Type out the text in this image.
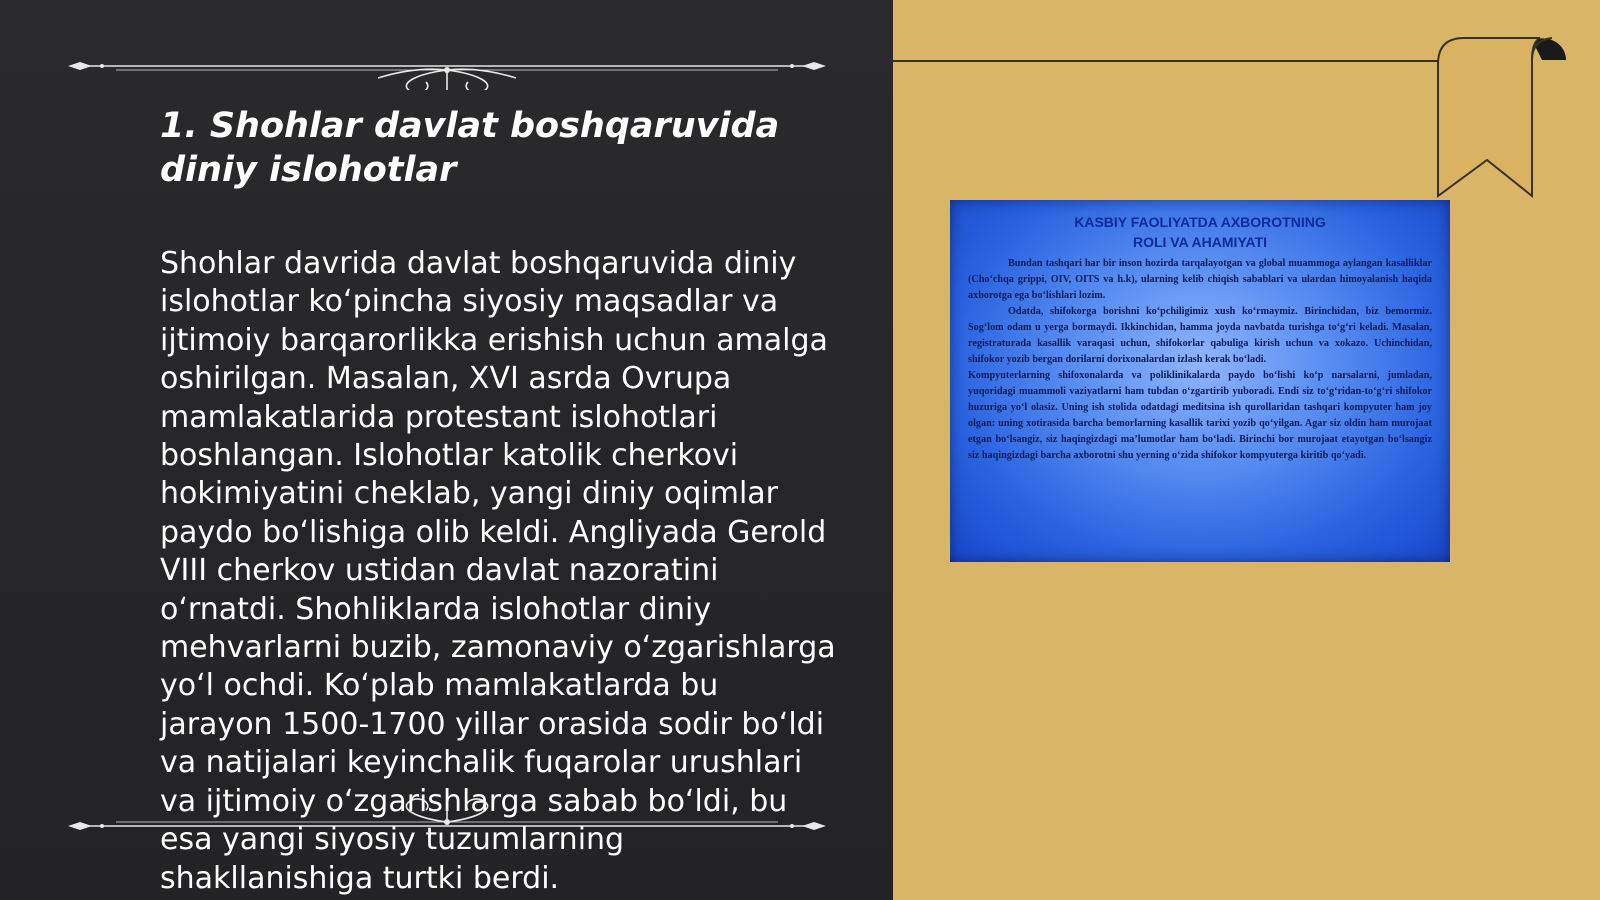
1. Shohlar davlat boshqaruvida diniy islohotlar

Shohlar davrida davlat boshqaruvida diniy islohotlar ko‘pincha siyosiy maqsadlar va ijtimoiy barqarorlikka erishish uchun amalga oshirilgan. Masalan, XVI asrda Ovrupa mamlakatlarida protestant islohotlari boshlangan. Islohotlar katolik cherkovi hokimiyatini cheklab, yangi diniy oqimlar paydo bo‘lishiga olib keldi. Angliyada Gerold VIII cherkov ustidan davlat nazoratini o‘rnatdi. Shohliklarda islohotlar diniy mehvarlarni buzib, zamonaviy o‘zgarishlarga yo‘l ochdi. Ko‘plab mamlakatlarda bu jarayon 1500-1700 yillar orasida sodir bo‘ldi va natijalari keyinchalik fuqarolar urushlari va ijtimoiy o‘zgarishlarga sabab bo‘ldi, bu esa yangi siyosiy tuzumlarning shakllanishiga turtki berdi.

KASBIY FAOLIYATDA AXBOROTNING
ROLI VA AHAMIYATI

Bundan tashqari har bir inson hozirda tarqalayotgan va global muammoga aylangan kasalliklar (Cho‘chqa grippi, OIV, OITS va h.k), ularning kelib chiqish sabablari va ulardan himoyalanish haqida axborotga ega bo‘lishlari lozim.

Odatda, shifokorga borishni ko‘pchiligimiz xush ko‘rmaymiz. Birinchidan, biz bemormiz. Sog‘lom odam u yerga bormaydi. Ikkinchidan, hamma joyda navbatda turishga to‘g‘ri keladi. Masalan, registraturada kasallik varaqasi uchun, shifokorlar qabuliga kirish uchun va xokazo. Uchinchidan, shifokor yozib bergan dorilarni dorixonalardan izlash kerak bo‘ladi.

Kompyuterlarning shifoxonalarda va poliklinikalarda paydo bo‘lishi ko‘p narsalarni, jumladan, yuqoridagi muammoli vaziyatlarni ham tubdan o‘zgartirib yuboradi. Endi siz to‘g‘ridan-to‘g‘ri shifokor huzuriga yo‘l olasiz. Uning ish stolida odatdagi meditsina ish qurollaridan tashqari kompyuter ham joy olgan: uning xotirasida barcha bemorlarning kasallik tarixi yozib qo‘yilgan. Agar siz oldin ham murojaat etgan bo‘lsangiz, siz haqingizdagi ma’lumotlar ham bo‘ladi. Birinchi bor murojaat etayotgan bo‘lsangiz siz haqingizdagi barcha axborotni shu yerning o‘zida shifokor kompyuterga kiritib qo‘yadi.
